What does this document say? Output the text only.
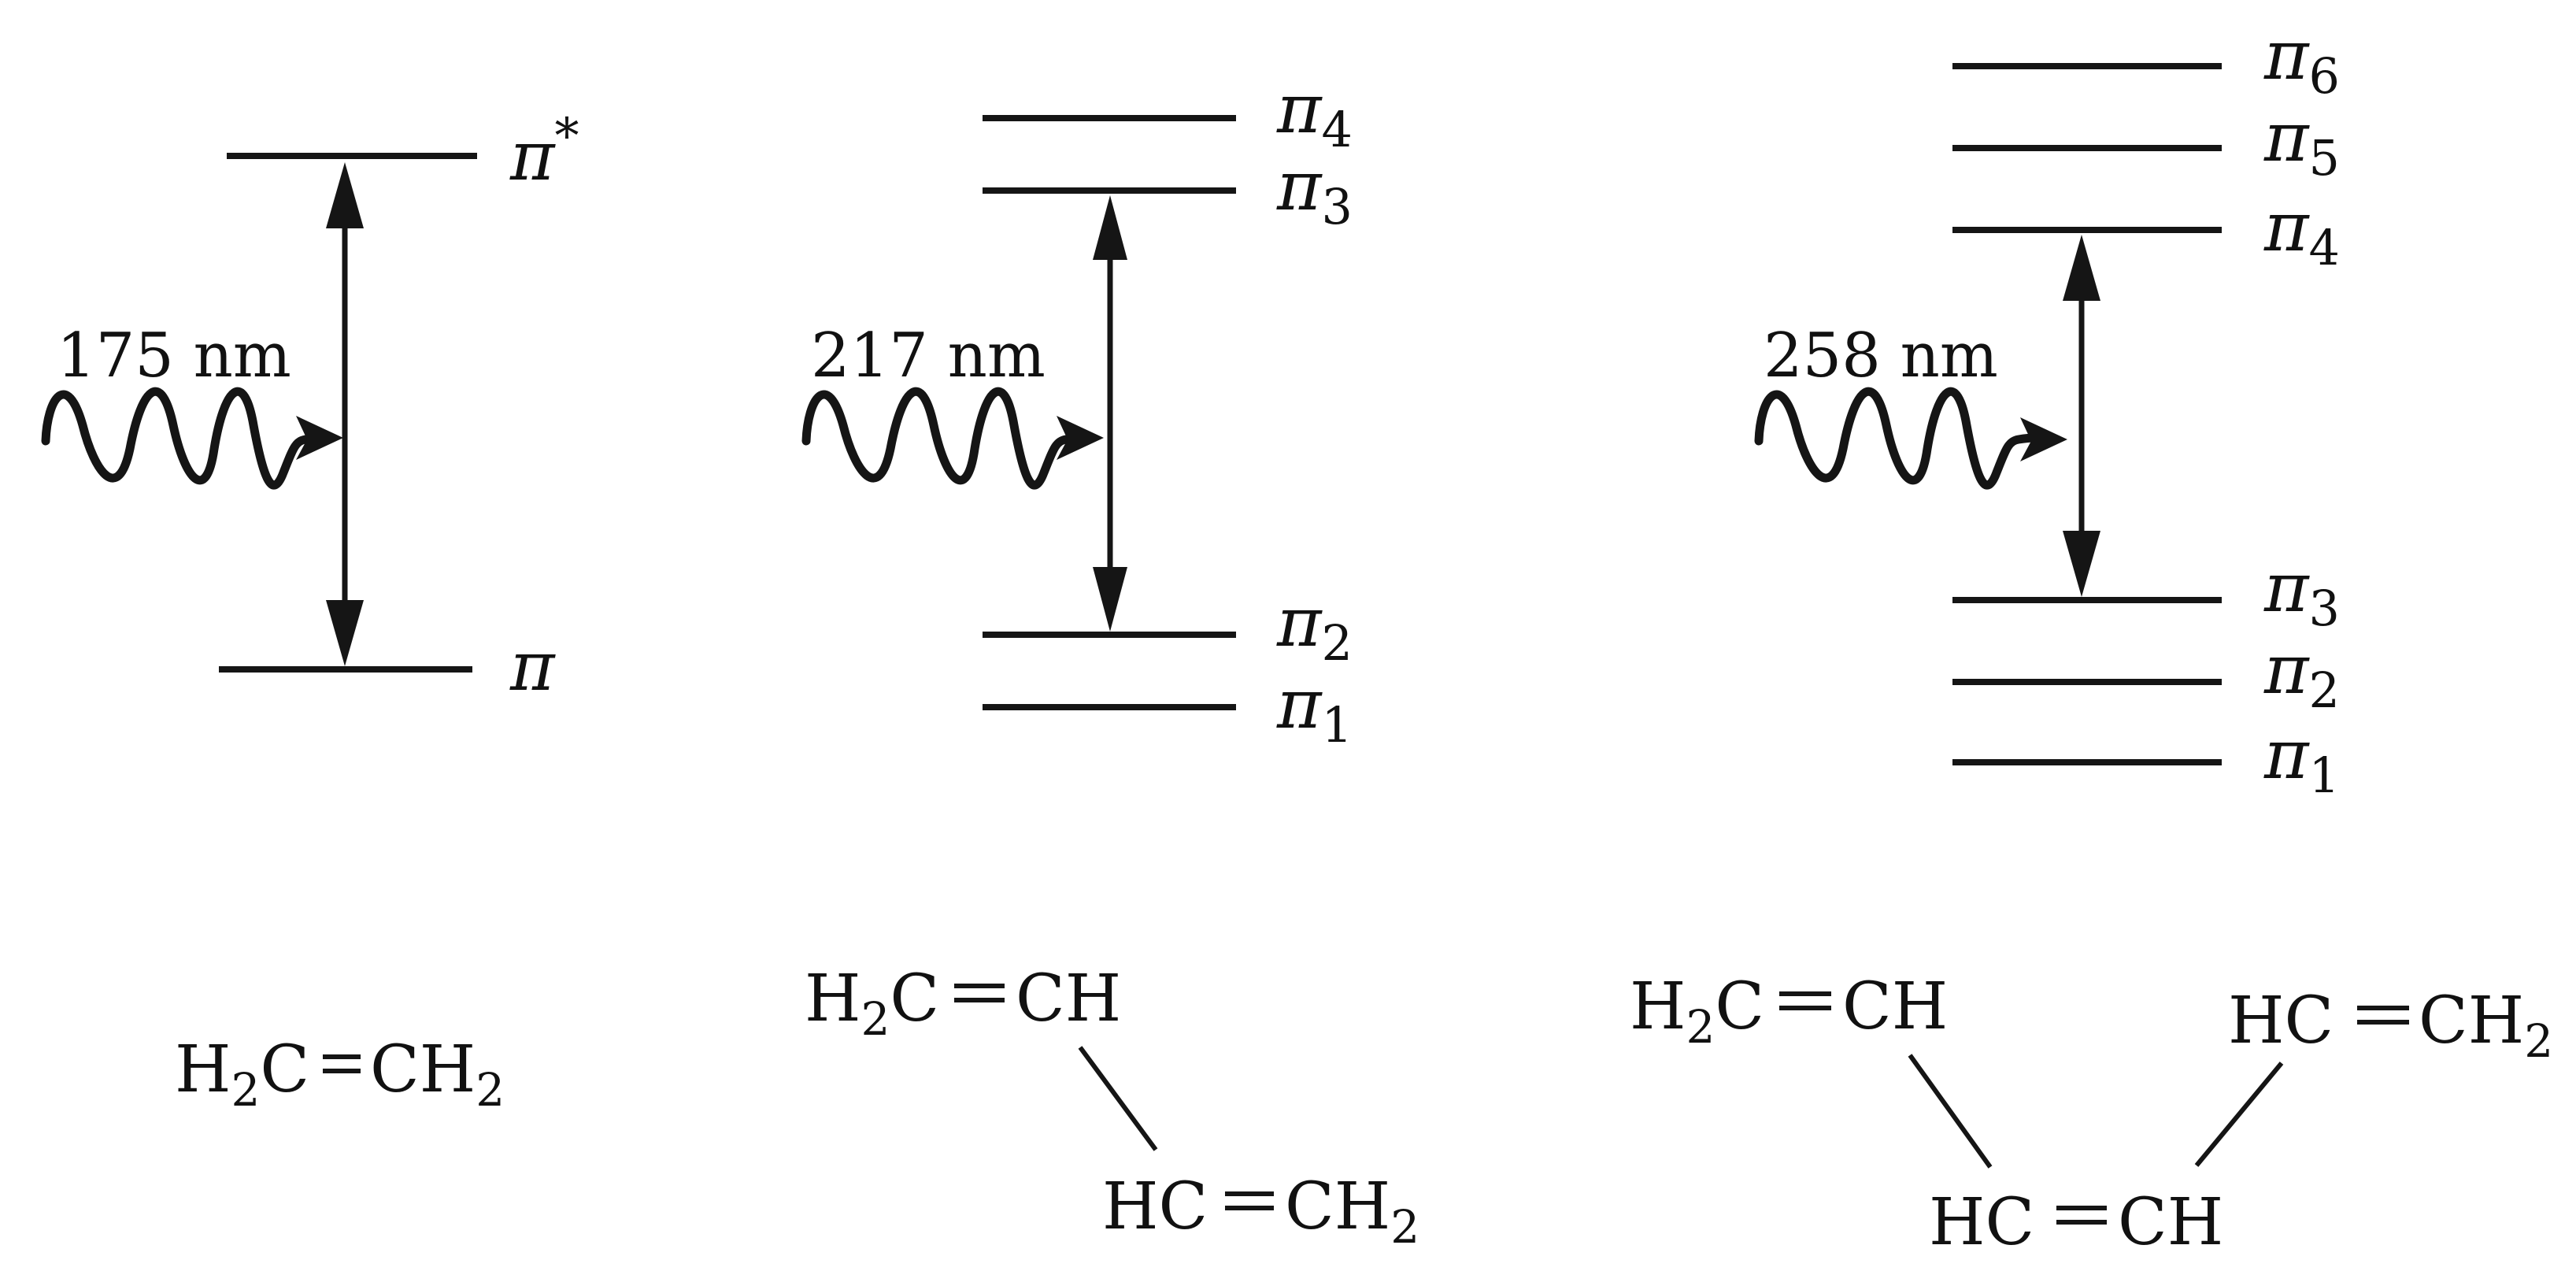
π*
π
175 nm
$H_2C$ $CH_2$
$\pi_4$
$\pi_3$
$\pi_2$
$\pi_1$
217 nm
$H_2C$ CH
HC $CH_2$
$\pi_6$
$\pi_5$
$\pi_4$
$\pi_3$
$\pi_2$
$\pi_1$
258 nm
$H_2C$ CH
HC CH
HC $CH_2$
